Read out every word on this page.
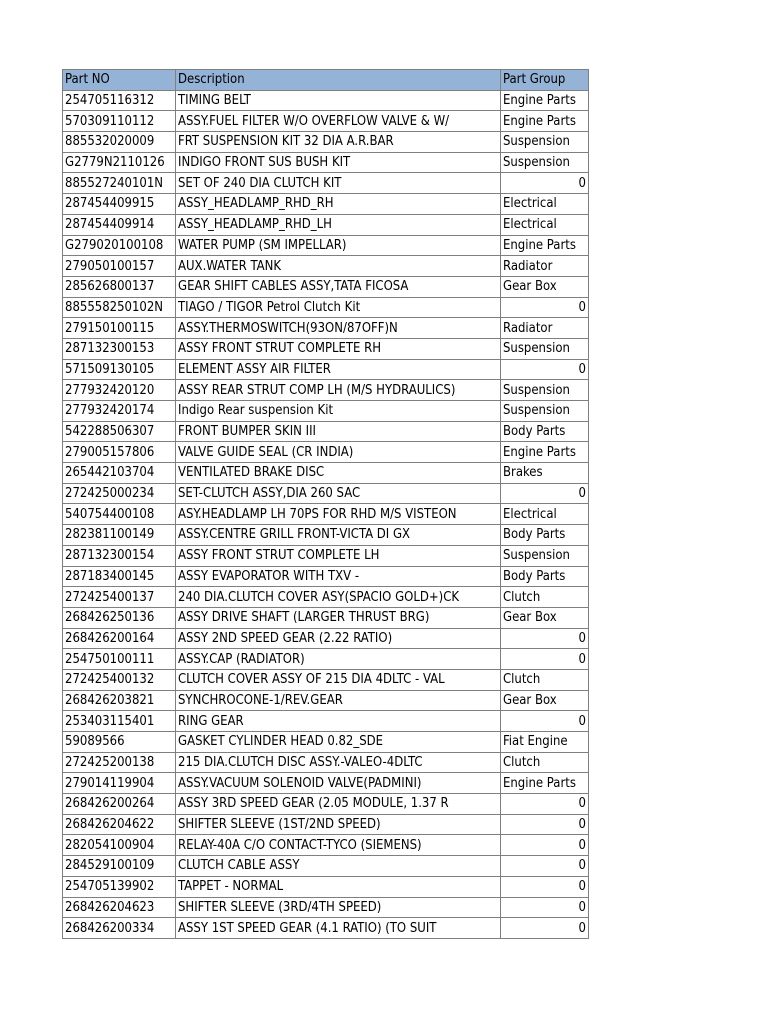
Part NO	Description	Part Group
254705116312	TIMING BELT	Engine Parts
570309110112	ASSY.FUEL FILTER W/O OVERFLOW VALVE & W/	Engine Parts
885532020009	FRT SUSPENSION KIT 32 DIA A.R.BAR	Suspension
G2779N2110126	INDIGO FRONT SUS BUSH KIT	Suspension
885527240101N	SET OF 240 DIA CLUTCH KIT	0
287454409915	ASSY_HEADLAMP_RHD_RH	Electrical
287454409914	ASSY_HEADLAMP_RHD_LH	Electrical
G279020100108	WATER PUMP (SM IMPELLAR)	Engine Parts
279050100157	AUX.WATER TANK	Radiator
285626800137	GEAR SHIFT CABLES ASSY,TATA FICOSA	Gear Box
885558250102N	TIAGO / TIGOR Petrol Clutch Kit	0
279150100115	ASSY.THERMOSWITCH(93ON/87OFF)N	Radiator
287132300153	ASSY FRONT STRUT COMPLETE RH	Suspension
571509130105	ELEMENT ASSY AIR FILTER	0
277932420120	ASSY REAR STRUT COMP LH (M/S HYDRAULICS)	Suspension
277932420174	Indigo Rear suspension Kit	Suspension
542288506307	FRONT BUMPER SKIN III	Body Parts
279005157806	VALVE GUIDE SEAL (CR INDIA)	Engine Parts
265442103704	VENTILATED BRAKE DISC	Brakes
272425000234	SET-CLUTCH ASSY,DIA 260 SAC	0
540754400108	ASY.HEADLAMP LH 70PS FOR RHD M/S VISTEON	Electrical
282381100149	ASSY.CENTRE GRILL FRONT-VICTA DI GX	Body Parts
287132300154	ASSY FRONT STRUT COMPLETE LH	Suspension
287183400145	ASSY EVAPORATOR WITH TXV -	Body Parts
272425400137	240 DIA.CLUTCH COVER ASY(SPACIO GOLD+)CK	Clutch
268426250136	ASSY DRIVE SHAFT (LARGER THRUST BRG)	Gear Box
268426200164	ASSY 2ND SPEED GEAR (2.22 RATIO)	0
254750100111	ASSY.CAP (RADIATOR)	0
272425400132	CLUTCH COVER ASSY OF 215 DIA 4DLTC - VAL	Clutch
268426203821	SYNCHROCONE-1/REV.GEAR	Gear Box
253403115401	RING GEAR	0
59089566	GASKET CYLINDER HEAD 0.82_SDE	Fiat Engine
272425200138	215 DIA.CLUTCH DISC ASSY.-VALEO-4DLTC	Clutch
279014119904	ASSY.VACUUM SOLENOID VALVE(PADMINI)	Engine Parts
268426200264	ASSY 3RD SPEED GEAR (2.05 MODULE, 1.37 R	0
268426204622	SHIFTER SLEEVE (1ST/2ND SPEED)	0
282054100904	RELAY-40A C/O CONTACT-TYCO (SIEMENS)	0
284529100109	CLUTCH CABLE ASSY	0
254705139902	TAPPET - NORMAL	0
268426204623	SHIFTER SLEEVE (3RD/4TH SPEED)	0
268426200334	ASSY 1ST SPEED GEAR (4.1 RATIO) (TO SUIT	0
